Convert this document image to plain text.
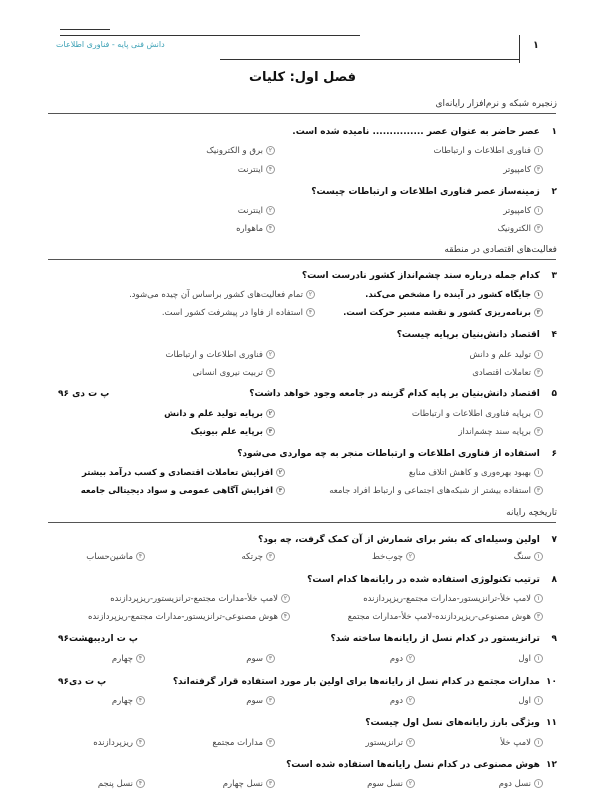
۱
دانش فنی پایه - فناوری اطلاعات
فصل اول: کلیات
زنجیره شبکه و نرم‌افزار رایانه‌ای
۱ عصر حاضر به عنوان عصر ............... نامیده شده است.
۱فناوری اطلاعات و ارتباطات
۲برق و الکترونیک
۳کامپیوتر
۴اینترنت
۲ زمینه‌ساز عصر فناوری اطلاعات و ارتباطات چیست؟
۱کامپیوتر
۲اینترنت
۳الکترونیک
۴ماهواره
فعالیت‌های اقتصادی در منطقه
۳ کدام جمله درباره سند چشم‌انداز کشور نادرست است؟
۱جایگاه کشور در آینده را مشخص می‌کند.
۲تمام فعالیت‌های کشور براساس آن چیده می‌شود.
۳برنامه‌ریزی کشور و نقشه مسیر حرکت است.
۴استفاده از فاوا در پیشرفت کشور است.
۴ اقتصاد دانش‌بنیان برپایه چیست؟
۱تولید علم و دانش
۲فناوری اطلاعات و ارتباطات
۳تعاملات اقتصادی
۴تربیت نیروی انسانی
۵ اقتصاد دانش‌بنیان بر پایه کدام گزینه در جامعه وجود خواهد داشت؟
پ ت دی ۹۶
۱برپایه فناوری اطلاعات و ارتباطات
۲برپایه تولید علم و دانش
۳برپایه سند چشم‌انداز
۴برپایه علم بیونیک
۶ استفاده از فناوری اطلاعات و ارتباطات منجر به چه مواردی می‌شود؟
۱بهبود بهره‌وری و کاهش اتلاف منابع
۲افزایش تعاملات اقتصادی و کسب درآمد بیشتر
۳استفاده بیشتر از شبکه‌های اجتماعی و ارتباط افراد جامعه
۴افزایش آگاهی عمومی و سواد دیجیتالی جامعه
تاریخچه رایانه
۷ اولین وسیله‌ای که بشر برای شمارش از آن کمک گرفت، چه بود؟
۱سنگ
۲چوب‌خط
۳چرتکه
۴ماشین‌حساب
۸ ترتیب تکنولوژی استفاده شده در رایانه‌ها کدام است؟
۱لامپ خلأ-ترانزیستور-مدارات مجتمع-ریزپردازنده
۲لامپ خلأ-مدارات مجتمع-ترانزیستور-ریزپردازنده
۳هوش مصنوعی-ریزپردازنده-لامپ خلأ-مدارات مجتمع
۴هوش مصنوعی-ترانزیستور-مدارات مجتمع-ریزپردازنده
۹ ترانزیستور در کدام نسل از رایانه‌ها ساخته شد؟
پ ت اردیبهشت۹۶
۱اول
۲دوم
۳سوم
۴چهارم
۱۰ مدارات مجتمع در کدام نسل از رایانه‌ها برای اولین بار مورد استفاده قرار گرفته‌اند؟
پ ت دی۹۶
۱اول
۲دوم
۳سوم
۴چهارم
۱۱ ویژگی بارز رایانه‌های نسل اول چیست؟
۱لامپ خلأ
۲ترانزیستور
۳مدارات مجتمع
۴ریزپردازنده
۱۲ هوش مصنوعی در کدام نسل رایانه‌ها استفاده شده است؟
۱نسل دوم
۲نسل سوم
۳نسل چهارم
۴نسل پنجم
